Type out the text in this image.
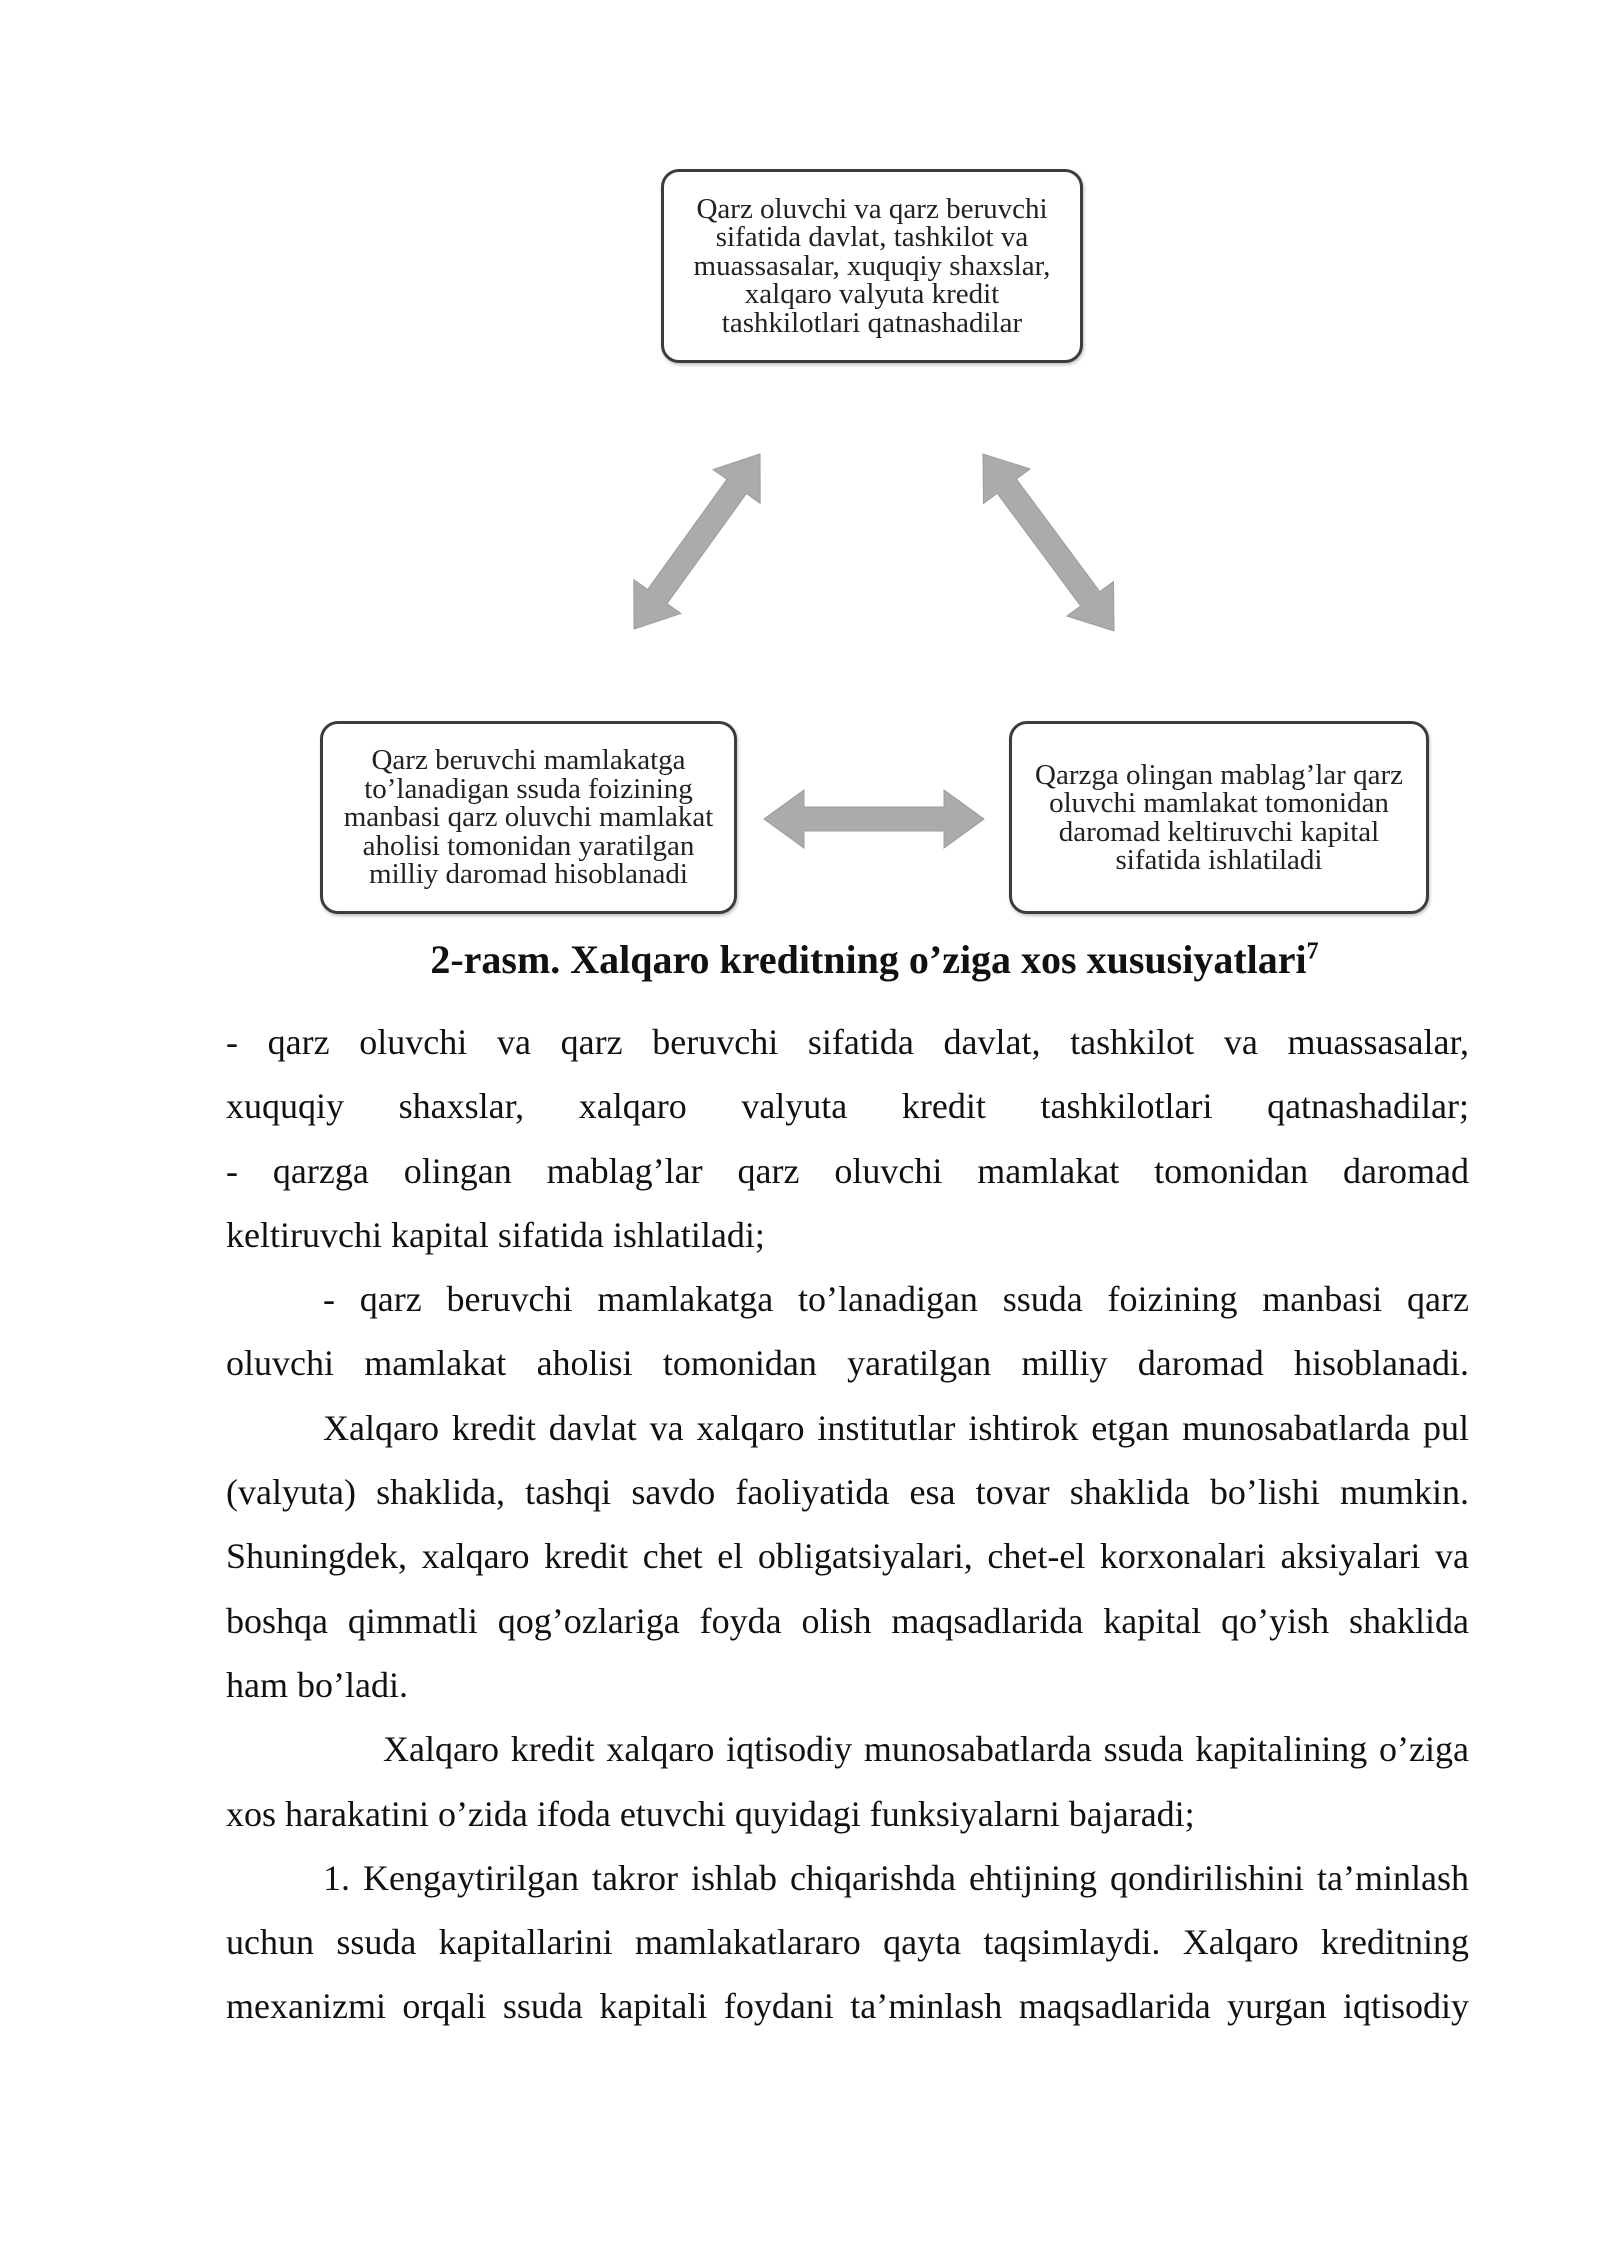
Qarz oluvchi va qarz beruvchi
sifatida davlat, tashkilot va
muassasalar, xuquqiy shaxslar,
xalqaro valyuta kredit
tashkilotlari qatnashadilar
Qarz beruvchi mamlakatga
to’lanadigan ssuda foizining
manbasi qarz oluvchi mamlakat
aholisi tomonidan yaratilgan
milliy daromad hisoblanadi
Qarzga olingan mablag’lar qarz
oluvchi mamlakat tomonidan
daromad keltiruvchi kapital
sifatida ishlatiladi
2-rasm. Xalqaro kreditning o’ziga xos xususiyatlari$^7$
- qarz oluvchi va qarz beruvchi sifatida davlat, tashkilot va muassasalar,
xuquqiy shaxslar, xalqaro valyuta kredit tashkilotlari qatnashadilar;
- qarzga olingan mablag’lar qarz oluvchi mamlakat tomonidan daromad
keltiruvchi kapital sifatida ishlatiladi;
- qarz beruvchi mamlakatga to’lanadigan ssuda foizining manbasi qarz
oluvchi mamlakat aholisi tomonidan yaratilgan milliy daromad hisoblanadi.
Xalqaro kredit davlat va xalqaro institutlar ishtirok etgan munosabatlarda pul
(valyuta) shaklida, tashqi savdo faoliyatida esa tovar shaklida bo’lishi mumkin.
Shuningdek, xalqaro kredit chet el obligatsiyalari, chet-el korxonalari aksiyalari va
boshqa qimmatli qog’ozlariga foyda olish maqsadlarida kapital qo’yish shaklida
ham bo’ladi.
Xalqaro kredit xalqaro iqtisodiy munosabatlarda ssuda kapitalining o’ziga
xos harakatini o’zida ifoda etuvchi quyidagi funksiyalarni bajaradi;
1. Kengaytirilgan takror ishlab chiqarishda ehtijning qondirilishini ta’minlash
uchun ssuda kapitallarini mamlakatlararo qayta taqsimlaydi. Xalqaro kreditning
mexanizmi orqali ssuda kapitali foydani ta’minlash maqsadlarida yurgan iqtisodiy
